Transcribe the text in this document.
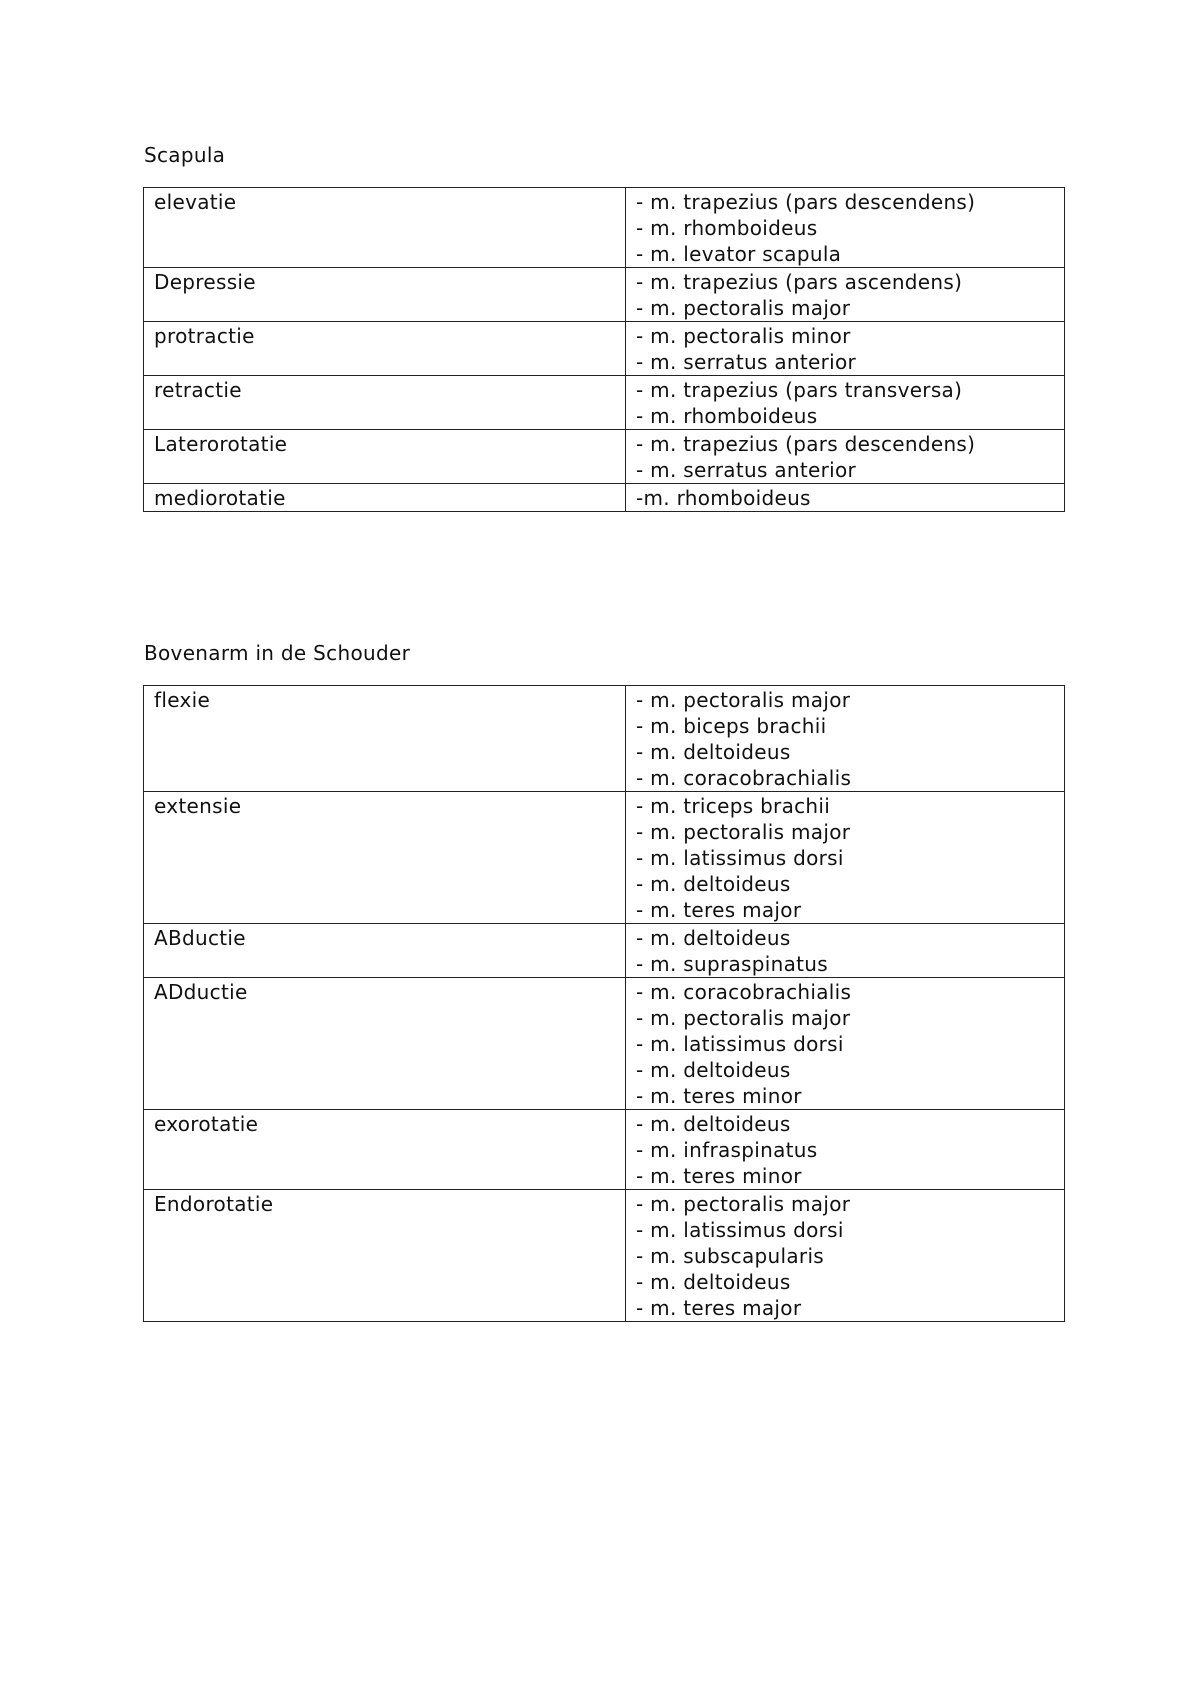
Scapula
elevatie	- m. trapezius (pars descendens)
- m. rhomboideus
- m. levator scapula

Depressie	- m. trapezius (pars ascendens)
- m. pectoralis major

protractie	- m. pectoralis minor
- m. serratus anterior

retractie	- m. trapezius (pars transversa)
- m. rhomboideus

Laterorotatie	- m. trapezius (pars descendens)
- m. serratus anterior

mediorotatie	-m. rhomboideus
Bovenarm in de Schouder
flexie	- m. pectoralis major
- m. biceps brachii
- m. deltoideus
- m. coracobrachialis

extensie	- m. triceps brachii
- m. pectoralis major
- m. latissimus dorsi
- m. deltoideus
- m. teres major

ABductie	- m. deltoideus
- m. supraspinatus

ADductie	- m. coracobrachialis
- m. pectoralis major
- m. latissimus dorsi
- m. deltoideus
- m. teres minor

exorotatie	- m. deltoideus
- m. infraspinatus
- m. teres minor

Endorotatie	- m. pectoralis major
- m. latissimus dorsi
- m. subscapularis
- m. deltoideus
- m. teres major
